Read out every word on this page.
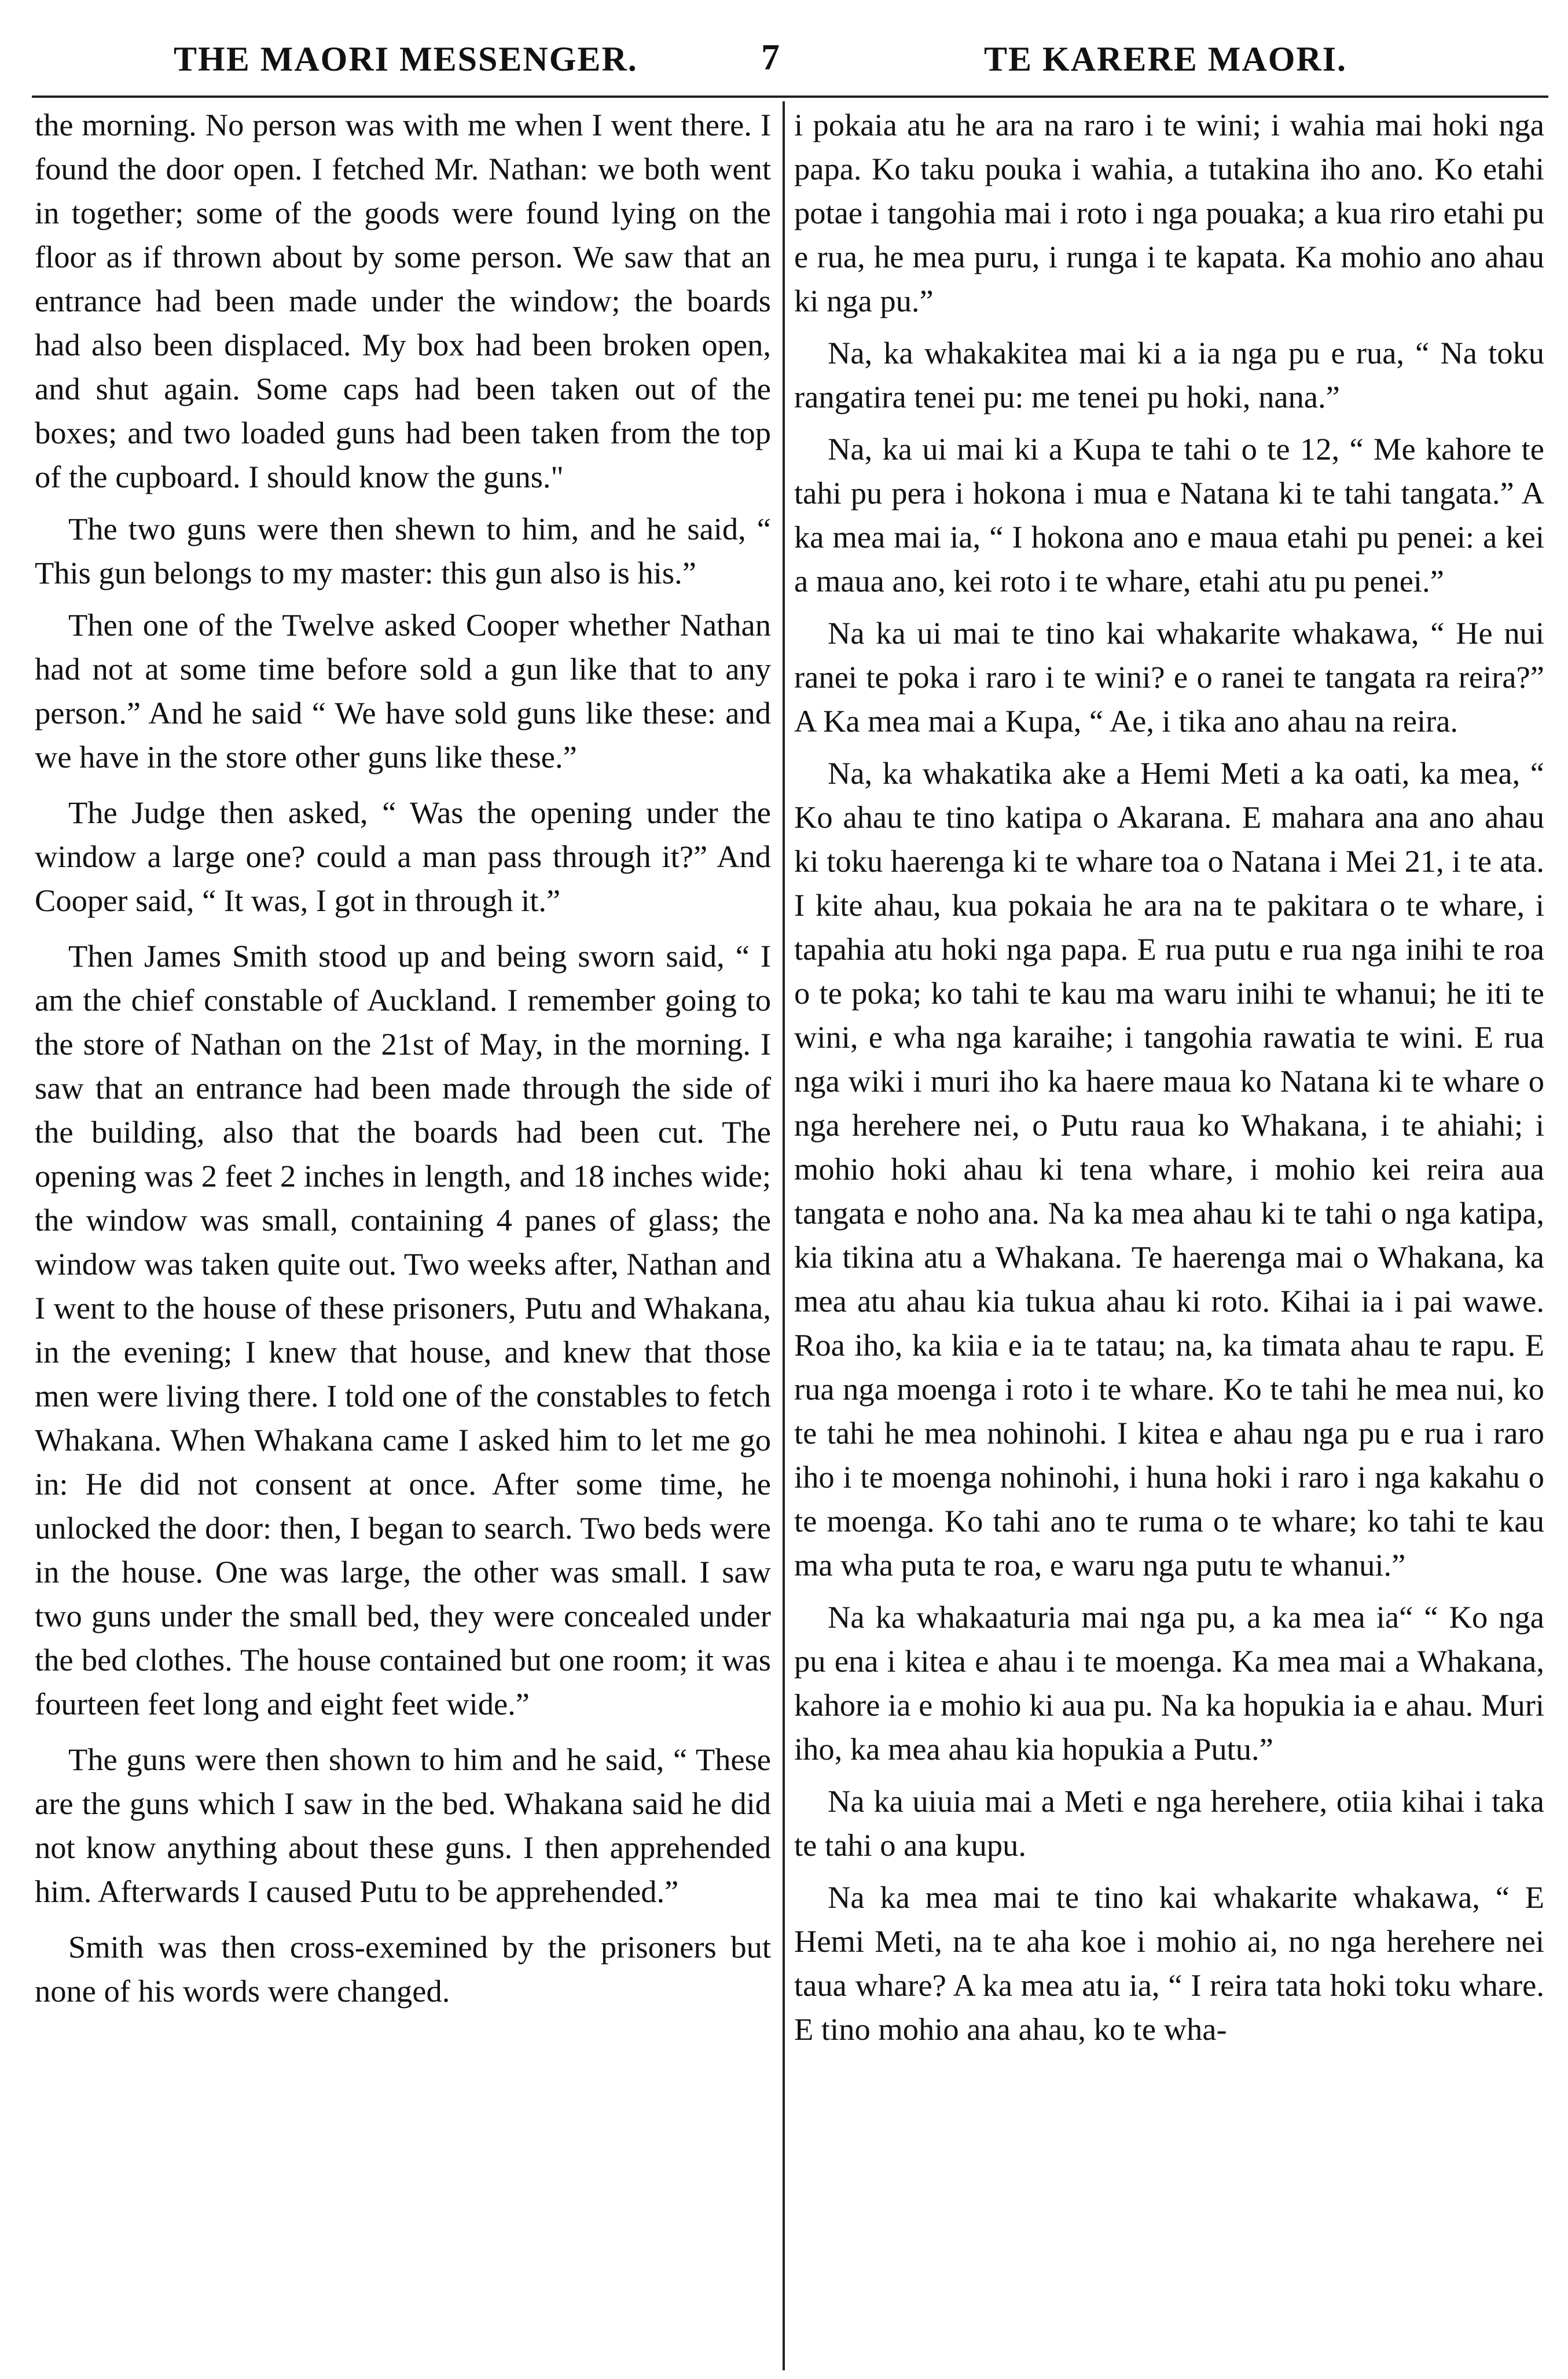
THE MAORI MESSENGER.	7	TE KARERE MAORI.

the morning. No person was with me when I went there. I found the door open. I fetched Mr. Nathan: we both went in together; some of the goods were found lying on the floor as if thrown about by some person. We saw that an entrance had been made under the window; the boards had also been displaced. My box had been broken open, and shut again. Some caps had been taken out of the boxes; and two loaded guns had been taken from the top of the cupboard. I should know the guns."

The two guns were then shewn to him, and he said, “ This gun belongs to my master: this gun also is his.”

Then one of the Twelve asked Cooper whether Nathan had not at some time before sold a gun like that to any person.” And he said “ We have sold guns like these: and we have in the store other guns like these.”

The Judge then asked, “ Was the opening under the window a large one? could a man pass through it?” And Cooper said, “ It was, I got in through it.”

Then James Smith stood up and being sworn said, “ I am the chief constable of Auckland. I remember going to the store of Nathan on the 21st of May, in the morning. I saw that an entrance had been made through the side of the building, also that the boards had been cut. The opening was 2 feet 2 inches in length, and 18 inches wide; the window was small, containing 4 panes of glass; the window was taken quite out. Two weeks after, Nathan and I went to the house of these prisoners, Putu and Whakana, in the evening; I knew that house, and knew that those men were living there. I told one of the constables to fetch Whakana. When Whakana came I asked him to let me go in: He did not consent at once. After some time, he unlocked the door: then, I began to search. Two beds were in the house. One was large, the other was small. I saw two guns under the small bed, they were concealed under the bed clothes. The house contained but one room; it was fourteen feet long and eight feet wide.”

The guns were then shown to him and he said, “ These are the guns which I saw in the bed. Whakana said he did not know anything about these guns. I then apprehended him. Afterwards I caused Putu to be apprehended.”

Smith was then cross-exemined by the prisoners but none of his words were changed.

i pokaia atu he ara na raro i te wini; i wahia mai hoki nga papa. Ko taku pouka i wahia, a tutakina iho ano. Ko etahi potae i tangohia mai i roto i nga pouaka; a kua riro etahi pu e rua, he mea puru, i runga i te kapata. Ka mohio ano ahau ki nga pu.”

Na, ka whakakitea mai ki a ia nga pu e rua, “ Na toku rangatira tenei pu: me tenei pu hoki, nana.”

Na, ka ui mai ki a Kupa te tahi o te 12, “ Me kahore te tahi pu pera i hokona i mua e Natana ki te tahi tangata.” A ka mea mai ia, “ I hokona ano e maua etahi pu penei: a kei a maua ano, kei roto i te whare, etahi atu pu penei.”

Na ka ui mai te tino kai whakarite whakawa, “ He nui ranei te poka i raro i te wini? e o ranei te tangata ra reira?” A Ka mea mai a Kupa, “ Ae, i tika ano ahau na reira.

Na, ka whakatika ake a Hemi Meti a ka oati, ka mea, “ Ko ahau te tino katipa o Akarana. E mahara ana ano ahau ki toku haerenga ki te whare toa o Natana i Mei 21, i te ata. I kite ahau, kua pokaia he ara na te pakitara o te whare, i tapahia atu hoki nga papa. E rua putu e rua nga inihi te roa o te poka; ko tahi te kau ma waru inihi te whanui; he iti te wini, e wha nga karaihe; i tangohia rawatia te wini. E rua nga wiki i muri iho ka haere maua ko Natana ki te whare o nga herehere nei, o Putu raua ko Whakana, i te ahiahi; i mohio hoki ahau ki tena whare, i mohio kei reira aua tangata e noho ana. Na ka mea ahau ki te tahi o nga katipa, kia tikina atu a Whakana. Te haerenga mai o Whakana, ka mea atu ahau kia tukua ahau ki roto. Kihai ia i pai wawe. Roa iho, ka kiia e ia te tatau; na, ka timata ahau te rapu. E rua nga moenga i roto i te whare. Ko te tahi he mea nui, ko te tahi he mea nohinohi. I kitea e ahau nga pu e rua i raro iho i te moenga nohinohi, i huna hoki i raro i nga kakahu o te moenga. Ko tahi ano te ruma o te whare; ko tahi te kau ma wha puta te roa, e waru nga putu te whanui.”

Na ka whakaaturia mai nga pu, a ka mea ia“ “ Ko nga pu ena i kitea e ahau i te moenga. Ka mea mai a Whakana, kahore ia e mohio ki aua pu. Na ka hopukia ia e ahau. Muri iho, ka mea ahau kia hopukia a Putu.”

Na ka uiuia mai a Meti e nga herehere, otiia kihai i taka te tahi o ana kupu.

Na ka mea mai te tino kai whakarite whakawa, “ E Hemi Meti, na te aha koe i mohio ai, no nga herehere nei taua whare? A ka mea atu ia, “ I reira tata hoki toku whare. E tino mohio ana ahau, ko te wha-
